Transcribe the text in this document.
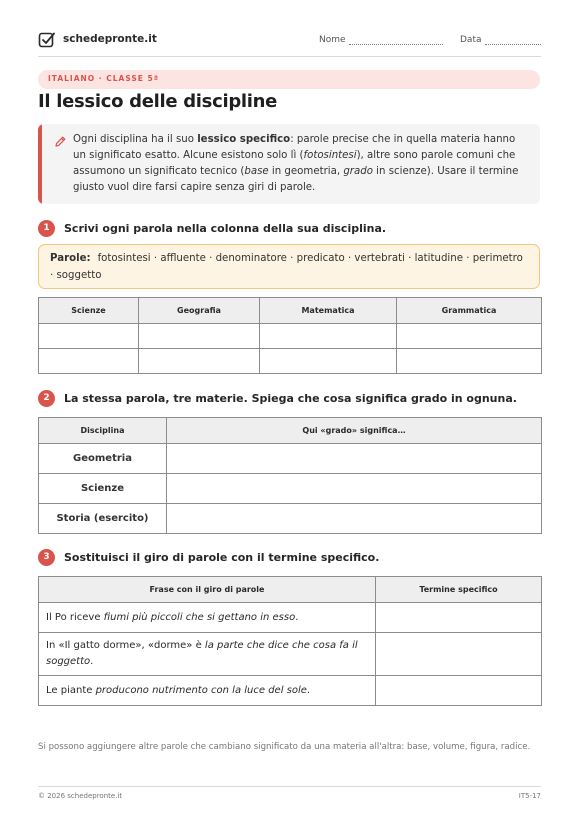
schedepronte.it	Nome	Data
ITALIANO · CLASSE 5ª
Il lessico delle discipline

Ogni disciplina ha il suo lessico specifico: parole precise che in quella materia hanno un significato esatto. Alcune esistono solo lì (fotosintesi), altre sono parole comuni che assumono un significato tecnico (base in geometria, grado in scienze). Usare il termine giusto vuol dire farsi capire senza giri di parole.

1	Scrivi ogni parola nella colonna della sua disciplina.

Parole: fotosintesi · affluente · denominatore · predicato · vertebrati · latitudine · perimetro · soggetto

Scienze	Geografia	Matematica	Grammatica

2	La stessa parola, tre materie. Spiega che cosa significa grado in ognuna.
Disciplina	Qui «grado» significa…
Geometria	
Scienze	
Storia (esercito)	
3	Sostituisci il giro di parole con il termine specifico.
Frase con il giro di parole	Termine specifico
Il Po riceve fiumi più piccoli che si gettano in esso.	
In «Il gatto dorme», «dorme» è la parte che dice che cosa fa il soggetto.	
Le piante producono nutrimento con la luce del sole.	

Si possono aggiungere altre parole che cambiano significato da una materia all'altra: base, volume, figura, radice.

© 2026 schedepronte.it	IT5-17
